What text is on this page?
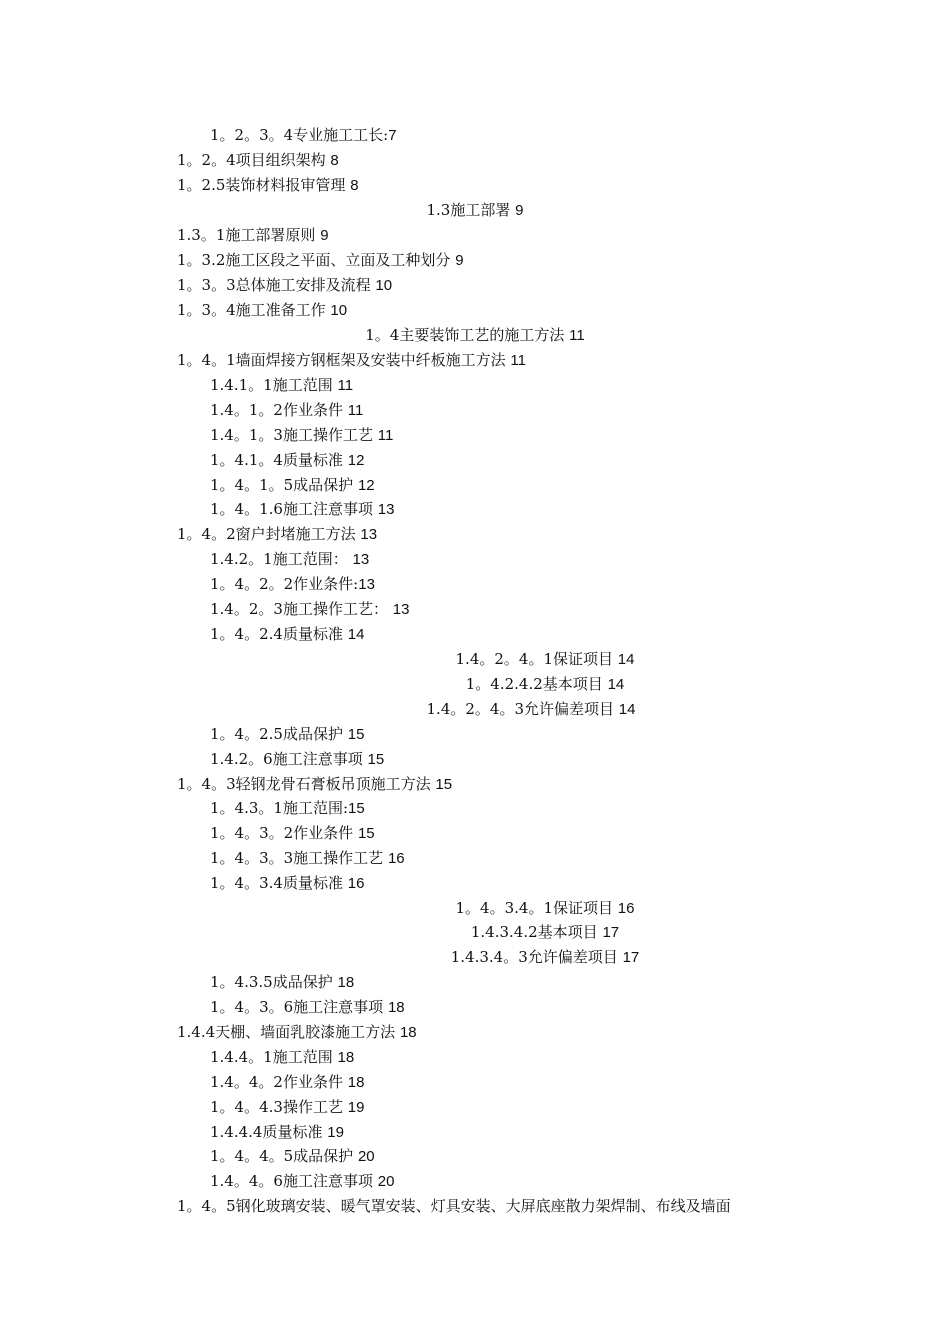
1。2。3。4专业施工工长:7
1。2。4项目组织架构 8
1。2.5装饰材料报审管理 8
1.3施工部署 9
1.3。1施工部署原则 9
1。3.2施工区段之平面、立面及工种划分 9
1。3。3总体施工安排及流程 10
1。3。4施工准备工作 10
1。4主要装饰工艺的施工方法 11
1。4。1墙面焊接方钢框架及安装中纤板施工方法 11
1.4.1。1施工范围 11
1.4。1。2作业条件 11
1.4。1。3施工操作工艺 11
1。4.1。4质量标准 12
1。4。1。5成品保护 12
1。4。1.6施工注意事项 13
1。4。2窗户封堵施工方法 13
1.4.2。1施工范围： 13
1。4。2。2作业条件:13
1.4。2。3施工操作工艺： 13
1。4。2.4质量标准 14
1.4。2。4。1保证项目 14
1。4.2.4.2基本项目 14
1.4。2。4。3允许偏差项目 14
1。4。2.5成品保护 15
1.4.2。6施工注意事项 15
1。4。3轻钢龙骨石膏板吊顶施工方法 15
1。4.3。1施工范围:15
1。4。3。2作业条件 15
1。4。3。3施工操作工艺 16
1。4。3.4质量标准 16
1。4。3.4。1保证项目 16
1.4.3.4.2基本项目 17
1.4.3.4。3允许偏差项目 17
1。4.3.5成品保护 18
1。4。3。6施工注意事项 18
1.4.4天棚、墙面乳胶漆施工方法 18
1.4.4。1施工范围 18
1.4。4。2作业条件 18
1。4。4.3操作工艺 19
1.4.4.4质量标准 19
1。4。4。5成品保护 20
1.4。4。6施工注意事项 20
1。4。5钢化玻璃安装、暖气罩安装、灯具安装、大屏底座散力架焊制、布线及墙面
